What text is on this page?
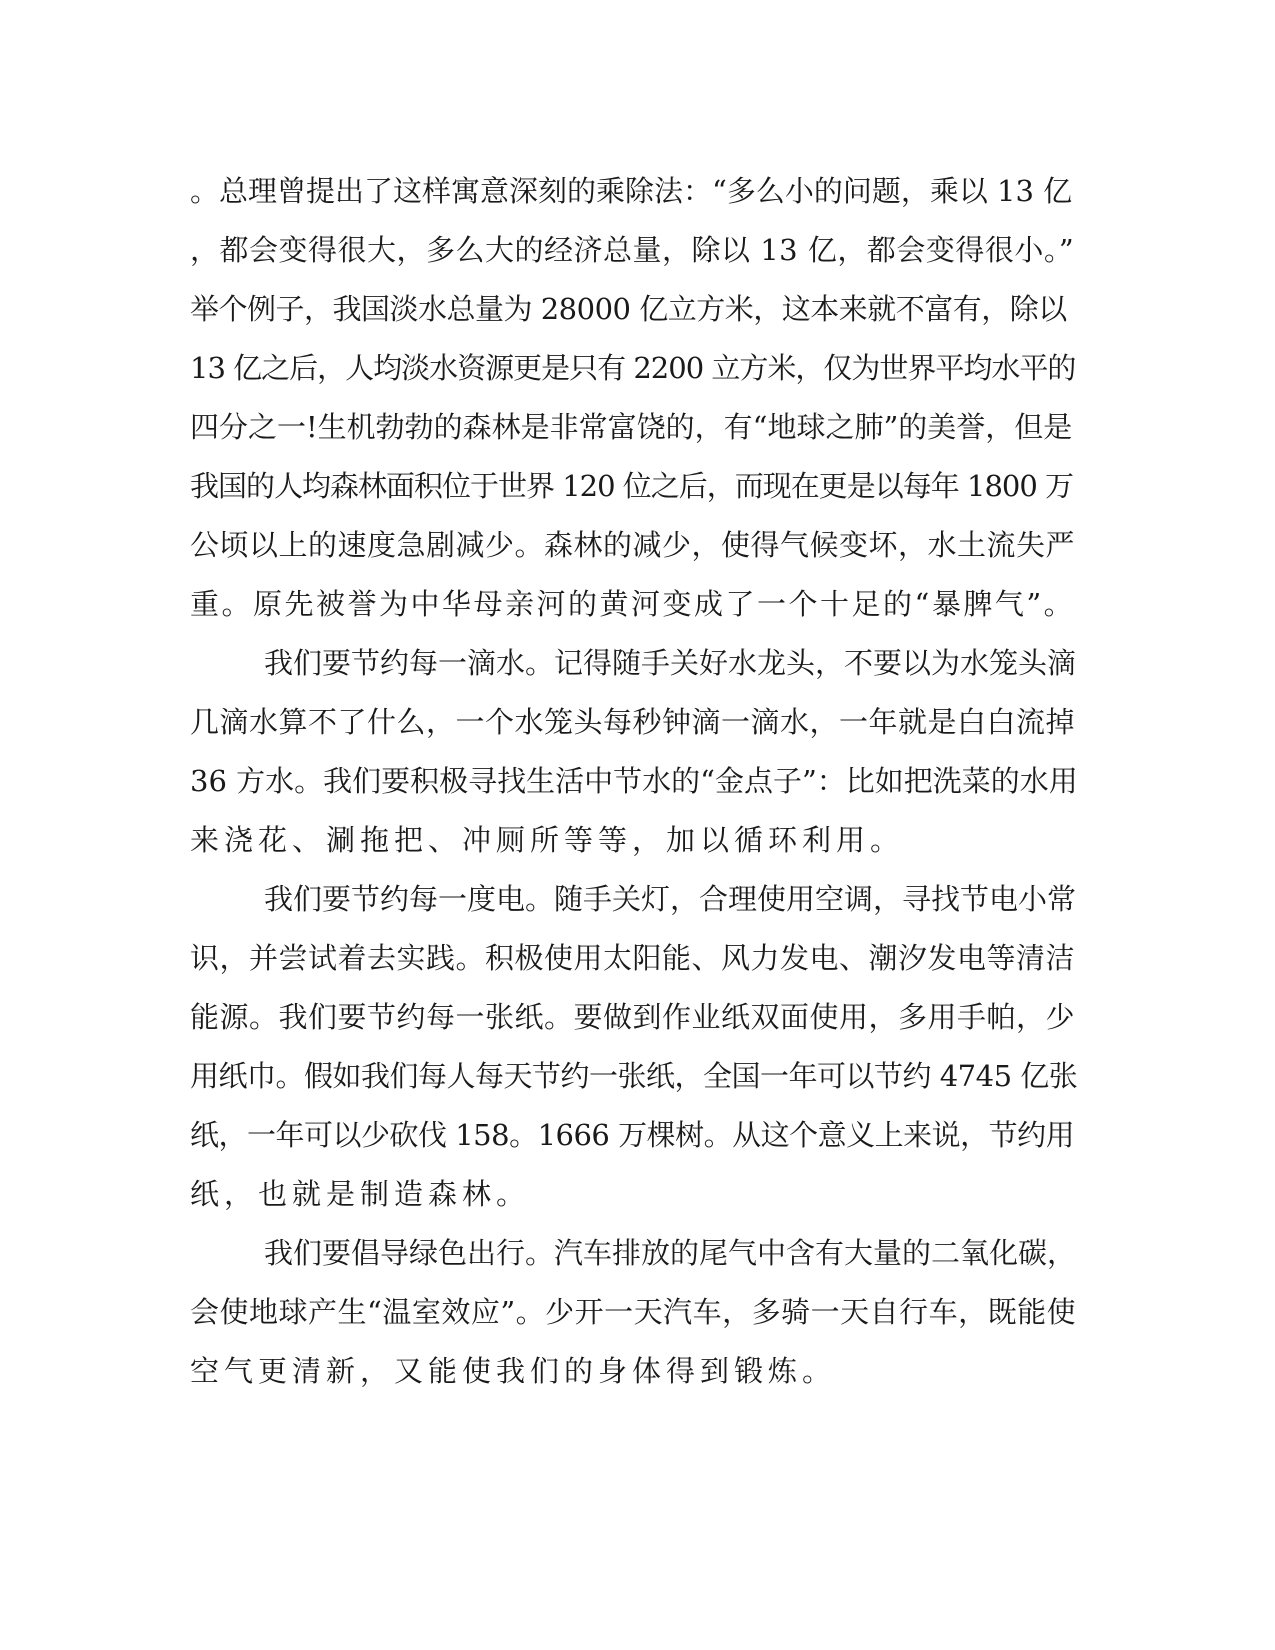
。总理曾提出了这样寓意深刻的乘除法：“多么小的问题，乘以 13 亿
，都会变得很大，多么大的经济总量，除以 13 亿，都会变得很小。”
举个例子，我国淡水总量为 28000 亿立方米，这本来就不富有，除以
13 亿之后，人均淡水资源更是只有 2200 立方米，仅为世界平均水平的
四分之一!生机勃勃的森林是非常富饶的，有“地球之肺”的美誉，但是
我国的人均森林面积位于世界 120 位之后，而现在更是以每年 1800 万
公顷以上的速度急剧减少。森林的减少，使得气候变坏，水土流失严
重。原先被誉为中华母亲河的黄河变成了一个十足的“暴脾气”。
我们要节约每一滴水。记得随手关好水龙头，不要以为水笼头滴
几滴水算不了什么，一个水笼头每秒钟滴一滴水，一年就是白白流掉
36 方水。我们要积极寻找生活中节水的“金点子”：比如把洗菜的水用
来浇花、涮拖把、冲厕所等等，加以循环利用。
我们要节约每一度电。随手关灯，合理使用空调，寻找节电小常
识，并尝试着去实践。积极使用太阳能、风力发电、潮汐发电等清洁
能源。我们要节约每一张纸。要做到作业纸双面使用，多用手帕，少
用纸巾。假如我们每人每天节约一张纸，全国一年可以节约 4745 亿张
纸，一年可以少砍伐 158。1666 万棵树。从这个意义上来说，节约用
纸，也就是制造森林。
我们要倡导绿色出行。汽车排放的尾气中含有大量的二氧化碳，
会使地球产生“温室效应”。少开一天汽车，多骑一天自行车，既能使
空气更清新，又能使我们的身体得到锻炼。
